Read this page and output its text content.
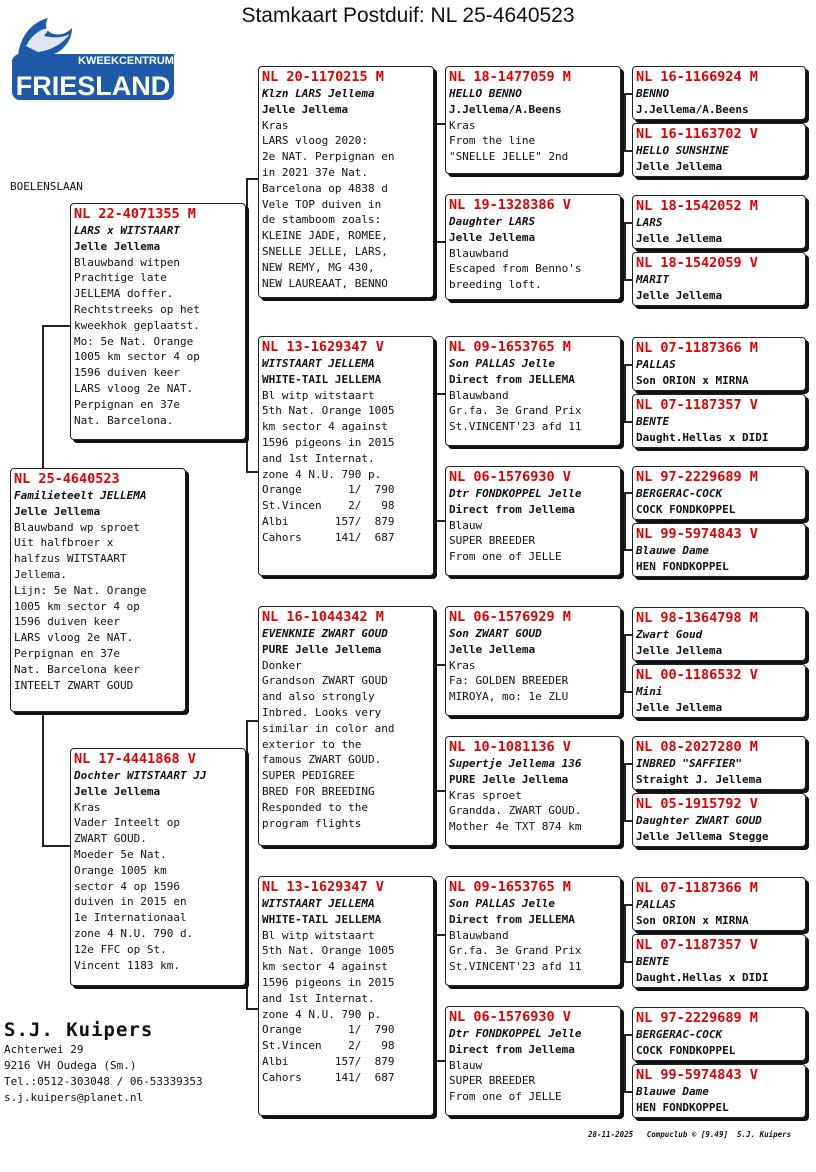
Stamkaart Postduif: NL 25-4640523
KWEEKCENTRUM
FRIESLAND
BOELENSLAAN
NL 25-4640523
Familieteelt JELLEMA
Jelle Jellema
Blauwband wp sproet
Uit halfbroer x
halfzus WITSTAART
Jellema.
Lijn: 5e Nat. Orange
1005 km sector 4 op
1596 duiven keer
LARS vloog 2e NAT.
Perpignan en 37e
Nat. Barcelona keer
INTEELT ZWART GOUD
NL 22-4071355 M
LARS x WITSTAART
Jelle Jellema
Blauwband witpen
Prachtige late
JELLEMA doffer.
Rechtstreeks op het
kweekhok geplaatst.
Mo: 5e Nat. Orange
1005 km sector 4 op
1596 duiven keer
LARS vloog 2e NAT.
Perpignan en 37e
Nat. Barcelona.
NL 17-4441868 V
Dochter WITSTAART JJ
Jelle Jellema
Kras
Vader Inteelt op
ZWART GOUD.
Moeder 5e Nat.
Orange 1005 km
sector 4 op 1596
duiven in 2015 en
1e Internationaal
zone 4 N.U. 790 d.
12e FFC op St.
Vincent 1183 km.
NL 20-1170215 M
Klzn LARS Jellema
Jelle Jellema
Kras
LARS vloog 2020:
2e NAT. Perpignan en
in 2021 37e Nat.
Barcelona op 4838 d
Vele TOP duiven in
de stamboom zoals:
KLEINE JADE, ROMEE,
SNELLE JELLE, LARS,
NEW REMY, MG 430,
NEW LAUREAAT, BENNO
NL 13-1629347 V
WITSTAART JELLEMA
WHITE-TAIL JELLEMA
Bl witp witstaart
5th Nat. Orange 1005
km sector 4 against
1596 pigeons in 2015
and 1st Internat.
zone 4 N.U. 790 p.
Orange       1/  790
St.Vincen    2/   98
Albi       157/  879
Cahors     141/  687
NL 16-1044342 M
EVENKNIE ZWART GOUD
PURE Jelle Jellema
Donker
Grandson ZWART GOUD
and also strongly
Inbred. Looks very
similar in color and
exterior to the
famous ZWART GOUD.
SUPER PEDIGREE
BRED FOR BREEDING
Responded to the
program flights
NL 13-1629347 V
WITSTAART JELLEMA
WHITE-TAIL JELLEMA
Bl witp witstaart
5th Nat. Orange 1005
km sector 4 against
1596 pigeons in 2015
and 1st Internat.
zone 4 N.U. 790 p.
Orange       1/  790
St.Vincen    2/   98
Albi       157/  879
Cahors     141/  687
NL 18-1477059 M
HELLO BENNO
J.Jellema/A.Beens
Kras
From the line
"SNELLE JELLE" 2nd
NL 19-1328386 V
Daughter LARS
Jelle Jellema
Blauwband
Escaped from Benno's
breeding loft.
NL 09-1653765 M
Son PALLAS Jelle
Direct from JELLEMA
Blauwband
Gr.fa. 3e Grand Prix
St.VINCENT'23 afd 11
NL 06-1576930 V
Dtr FONDKOPPEL Jelle
Direct from Jellema
Blauw
SUPER BREEDER
From one of JELLE
NL 06-1576929 M
Son ZWART GOUD
Jelle Jellema
Kras
Fa: GOLDEN BREEDER
MIROYA, mo: 1e ZLU
NL 10-1081136 V
Supertje Jellema 136
PURE Jelle Jellema
Kras sproet
Grandda. ZWART GOUD.
Mother 4e TXT 874 km
NL 09-1653765 M
Son PALLAS Jelle
Direct from JELLEMA
Blauwband
Gr.fa. 3e Grand Prix
St.VINCENT'23 afd 11
NL 06-1576930 V
Dtr FONDKOPPEL Jelle
Direct from Jellema
Blauw
SUPER BREEDER
From one of JELLE
NL 16-1166924 M
BENNO
J.Jellema/A.Beens
NL 16-1163702 V
HELLO SUNSHINE
Jelle Jellema
NL 18-1542052 M
LARS
Jelle Jellema
NL 18-1542059 V
MARIT
Jelle Jellema
NL 07-1187366 M
PALLAS
Son ORION x MIRNA
NL 07-1187357 V
BENTE
Daught.Hellas x DIDI
NL 97-2229689 M
BERGERAC-COCK
COCK FONDKOPPEL
NL 99-5974843 V
Blauwe Dame
HEN FONDKOPPEL
NL 98-1364798 M
Zwart Goud
Jelle Jellema
NL 00-1186532 V
Mini
Jelle Jellema
NL 08-2027280 M
INBRED "SAFFIER"
Straight J. Jellema
NL 05-1915792 V
Daughter ZWART GOUD
Jelle Jellema Stegge
NL 07-1187366 M
PALLAS
Son ORION x MIRNA
NL 07-1187357 V
BENTE
Daught.Hellas x DIDI
NL 97-2229689 M
BERGERAC-COCK
COCK FONDKOPPEL
NL 99-5974843 V
Blauwe Dame
HEN FONDKOPPEL
S.J. Kuipers
Achterwei 29
9216 VH Oudega (Sm.)
Tel.:0512-303048 / 06-53339353
s.j.kuipers@planet.nl
28-11-2025   Compuclub © [9.49]  S.J. Kuipers
